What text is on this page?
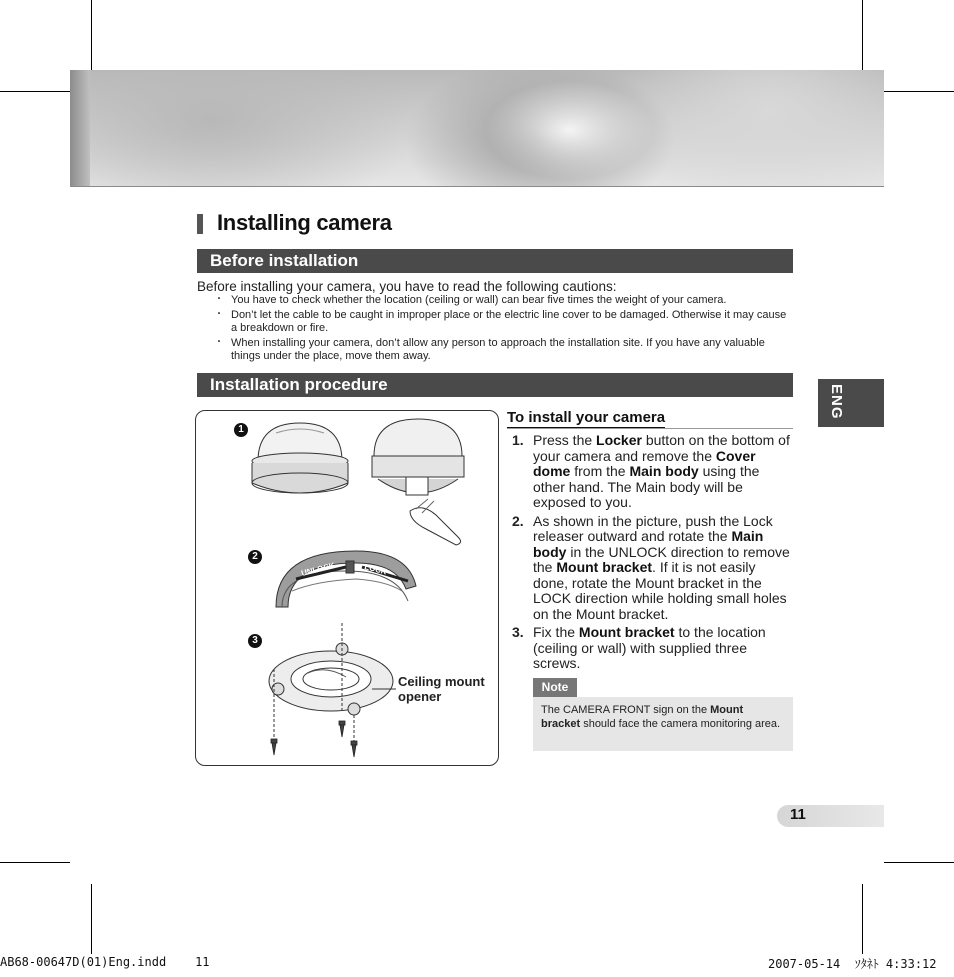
Installing camera
Before installation
Before installing your camera, you have to read the following cautions:
・ You have to check whether the location (ceiling or wall) can bear five times the weight of your camera.
・ Don’t let the cable to be caught in improper place or the electric line cover to be damaged. Otherwise it may cause a breakdown or fire.
・ When installing your camera, don’t allow any person to approach the installation site. If you have any valuable things under the place, move them away.
Installation procedure	ENG
UNLOCK	LOCK
1
2
3
Ceiling mount
opener
To install your camera
1. Press the Locker button on the bottom of your camera and remove the Cover dome from the Main body using the other hand. The Main body will be exposed to you.
2. As shown in the picture, push the Lock releaser outward and rotate the Main body in the UNLOCK direction to remove the Mount bracket. If it is not easily done, rotate the Mount bracket in the LOCK direction while holding small holes on the Mount bracket.
3. Fix the Mount bracket to the location (ceiling or wall) with supplied three screws.
Note
The CAMERA FRONT sign on the Mount bracket should face the camera monitoring area.
11
AB68-00647D(01)Eng.indd    11	2007-05-14  ｿﾀﾈﾄ 4:33:12
